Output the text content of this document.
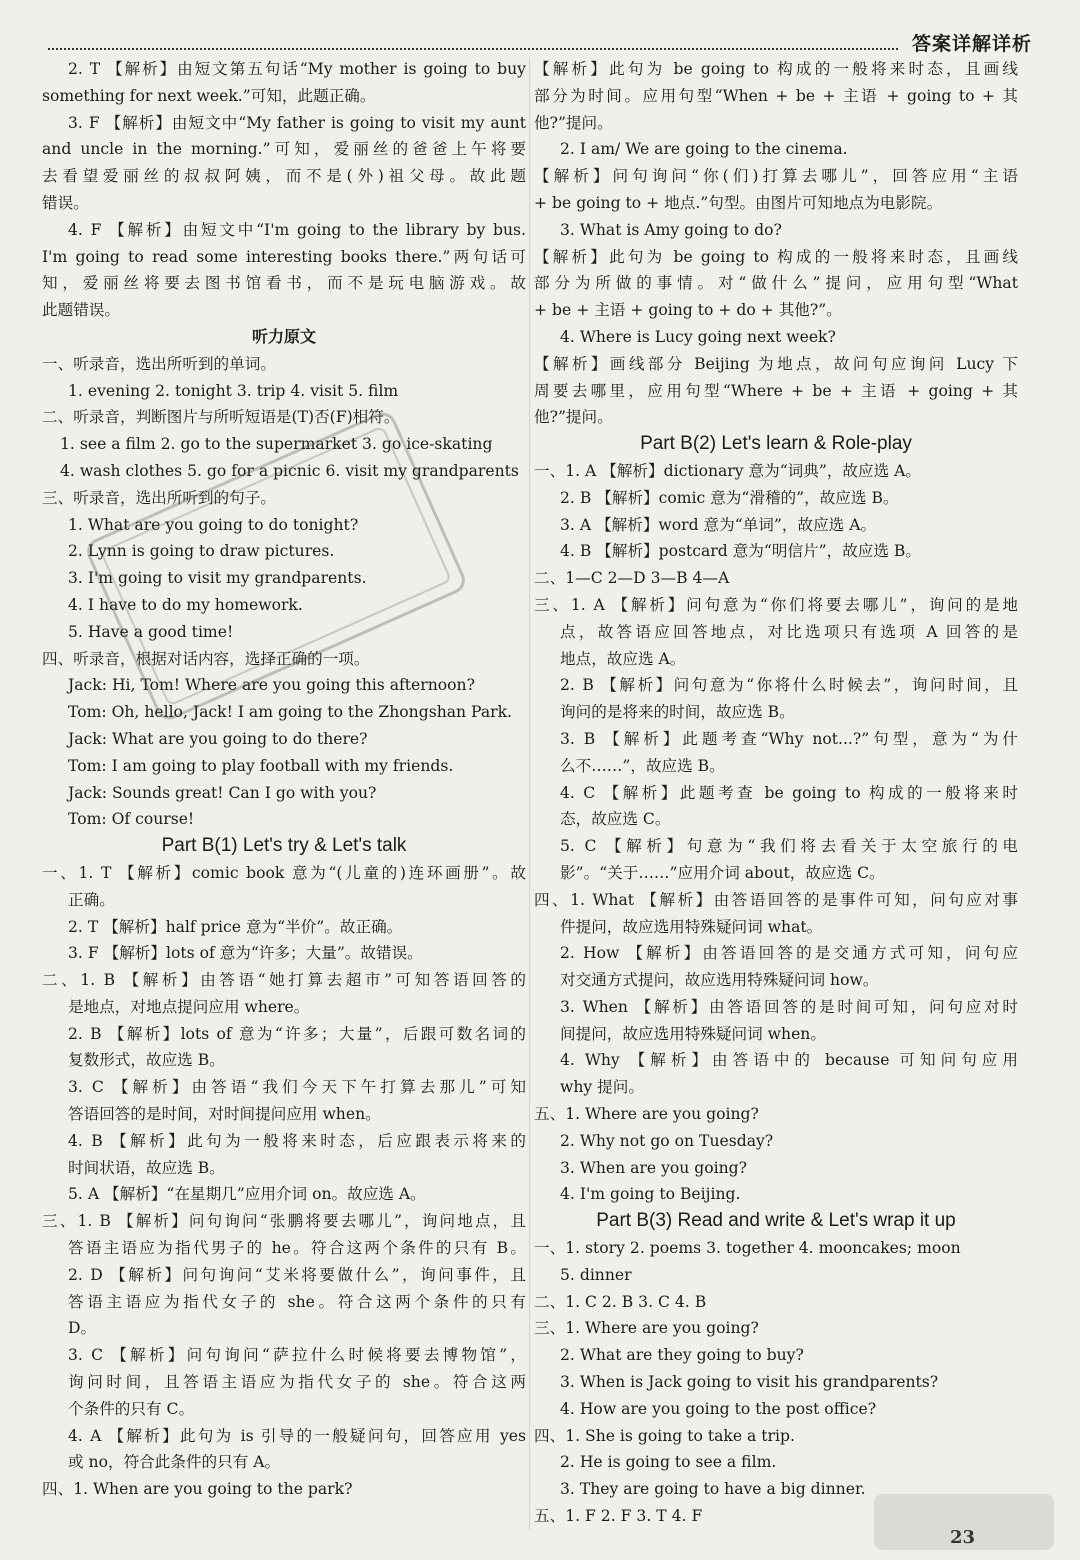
答案详解详析
2. T 【解析】由短文第五句话“My mother is going to buy
something for next week.”可知，此题正确。
3. F 【解析】由短文中“My father is going to visit my aunt
and uncle in the morning.”可知，爱丽丝的爸爸上午将要
去看望爱丽丝的叔叔阿姨，而不是(外)祖父母。故此题
错误。
4. F 【解析】由短文中“I'm going to the library by bus.
I'm going to read some interesting books there.”两句话可
知，爱丽丝将要去图书馆看书，而不是玩电脑游戏。故
此题错误。
听力原文
一、听录音，选出所听到的单词。
1. evening 2. tonight 3. trip 4. visit 5. film
二、听录音，判断图片与所听短语是(T)否(F)相符。
1. see a film 2. go to the supermarket 3. go ice-skating
4. wash clothes 5. go for a picnic 6. visit my grandparents
三、听录音，选出所听到的句子。
1. What are you going to do tonight?
2. Lynn is going to draw pictures.
3. I'm going to visit my grandparents.
4. I have to do my homework.
5. Have a good time!
四、听录音，根据对话内容，选择正确的一项。
Jack: Hi, Tom! Where are you going this afternoon?
Tom: Oh, hello, Jack! I am going to the Zhongshan Park.
Jack: What are you going to do there?
Tom: I am going to play football with my friends.
Jack: Sounds great! Can I go with you?
Tom: Of course!
Part B(1) Let's try & Let's talk
一、1. T 【解析】comic book 意为“(儿童的)连环画册”。故
正确。
2. T 【解析】half price 意为“半价”。故正确。
3. F 【解析】lots of 意为“许多；大量”。故错误。
二、1. B 【解析】由答语“她打算去超市”可知答语回答的
是地点，对地点提问应用 where。
2. B 【解析】lots of 意为“许多；大量”，后跟可数名词的
复数形式，故应选 B。
3. C 【解析】由答语“我们今天下午打算去那儿”可知
答语回答的是时间，对时间提问应用 when。
4. B 【解析】此句为一般将来时态，后应跟表示将来的
时间状语，故应选 B。
5. A 【解析】“在星期几”应用介词 on。故应选 A。
三、1. B 【解析】问句询问“张鹏将要去哪儿”，询问地点，且
答语主语应为指代男子的 he。符合这两个条件的只有 B。
2. D 【解析】问句询问“艾米将要做什么”，询问事件，且
答语主语应为指代女子的 she。符合这两个条件的只有
D。
3. C 【解析】问句询问“萨拉什么时候将要去博物馆”，
询问时间，且答语主语应为指代女子的 she。符合这两
个条件的只有 C。
4. A 【解析】此句为 is 引导的一般疑问句，回答应用 yes
或 no，符合此条件的只有 A。
四、1. When are you going to the park?
【解析】此句为 be going to 构成的一般将来时态，且画线
部分为时间。应用句型“When + be + 主语 + going to + 其
他?”提问。
2. I am/ We are going to the cinema.
【解析】问句询问“你(们)打算去哪儿”，回答应用“主语
+ be going to + 地点.”句型。由图片可知地点为电影院。
3. What is Amy going to do?
【解析】此句为 be going to 构成的一般将来时态，且画线
部分为所做的事情。对“做什么”提问，应用句型“What
+ be + 主语 + going to + do + 其他?”。
4. Where is Lucy going next week?
【解析】画线部分 Beijing 为地点，故问句应询问 Lucy 下
周要去哪里，应用句型“Where + be + 主语 + going + 其
他?”提问。
Part B(2) Let's learn & Role-play
一、1. A 【解析】dictionary 意为“词典”，故应选 A。
2. B 【解析】comic 意为“滑稽的”，故应选 B。
3. A 【解析】word 意为“单词”，故应选 A。
4. B 【解析】postcard 意为“明信片”，故应选 B。
二、1—C 2—D 3—B 4—A
三、1. A 【解析】问句意为“你们将要去哪儿”，询问的是地
点，故答语应回答地点，对比选项只有选项 A 回答的是
地点，故应选 A。
2. B 【解析】问句意为“你将什么时候去”，询问时间，且
询问的是将来的时间，故应选 B。
3. B 【解析】此题考查“Why not...?”句型，意为“为什
么不……”，故应选 B。
4. C 【解析】此题考查 be going to 构成的一般将来时
态，故应选 C。
5. C 【解析】句意为“我们将去看关于太空旅行的电
影”。“关于……”应用介词 about，故应选 C。
四、1. What 【解析】由答语回答的是事件可知，问句应对事
件提问，故应选用特殊疑问词 what。
2. How 【解析】由答语回答的是交通方式可知，问句应
对交通方式提问，故应选用特殊疑问词 how。
3. When 【解析】由答语回答的是时间可知，问句应对时
间提问，故应选用特殊疑问词 when。
4. Why 【解析】由答语中的 because 可知问句应用
why 提问。
五、1. Where are you going?
2. Why not go on Tuesday?
3. When are you going?
4. I'm going to Beijing.
Part B(3) Read and write & Let's wrap it up
一、1. story 2. poems 3. together 4. mooncakes; moon
5. dinner
二、1. C 2. B 3. C 4. B
三、1. Where are you going?
2. What are they going to buy?
3. When is Jack going to visit his grandparents?
4. How are you going to the post office?
四、1. She is going to take a trip.
2. He is going to see a film.
3. They are going to have a big dinner.
五、1. F 2. F 3. T 4. F
23
